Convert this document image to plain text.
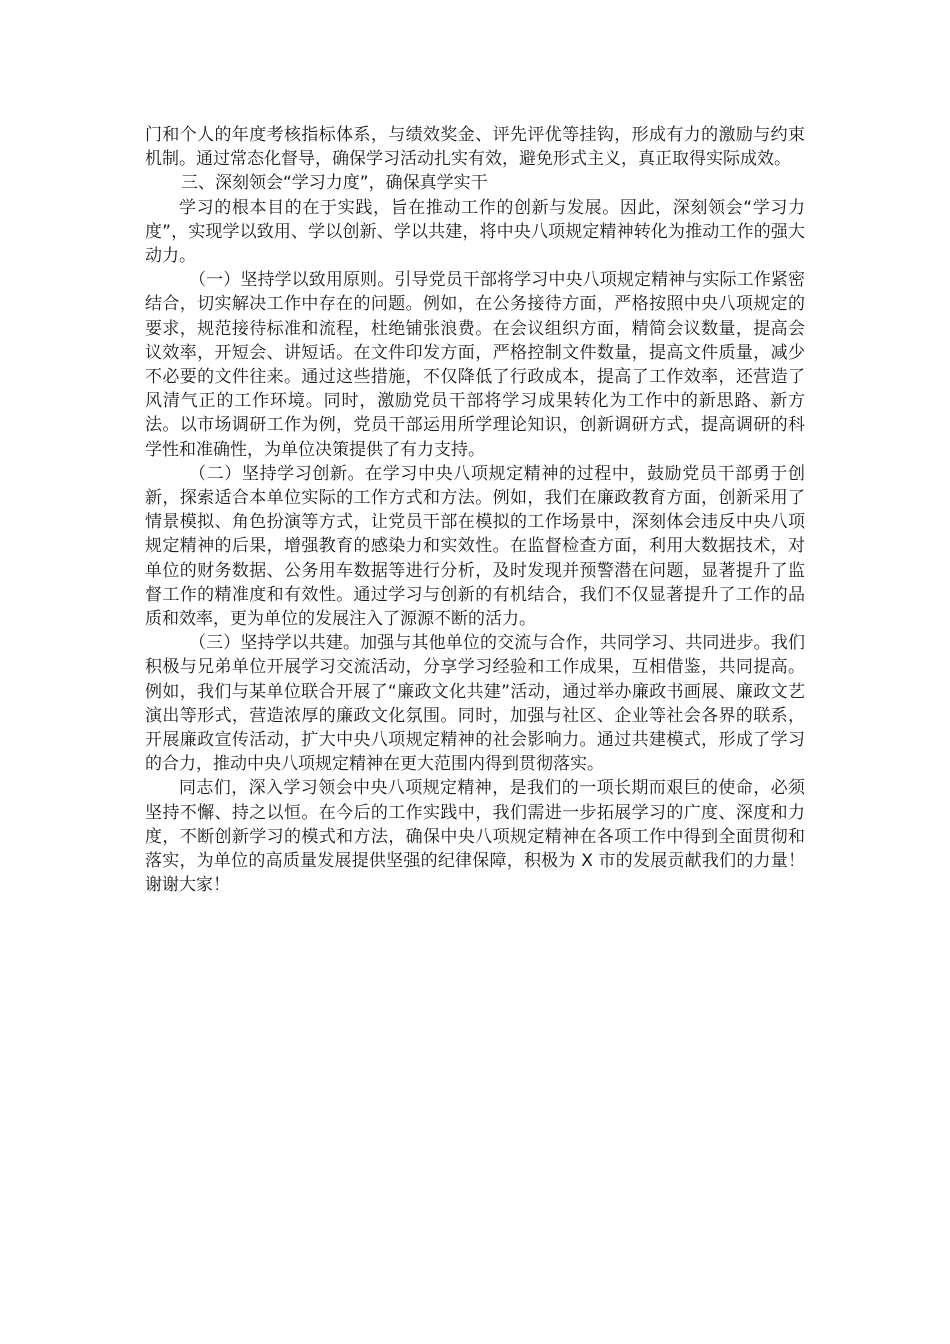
门和个人的年度考核指标体系，与绩效奖金、评先评优等挂钩，形成有力的激励与约束机制。通过常态化督导，确保学习活动扎实有效，避免形式主义，真正取得实际成效。

三、深刻领会“学习力度”，确保真学实干

学习的根本目的在于实践，旨在推动工作的创新与发展。因此，深刻领会“学习力度”，实现学以致用、学以创新、学以共建，将中央八项规定精神转化为推动工作的强大动力。

（一）坚持学以致用原则。引导党员干部将学习中央八项规定精神与实际工作紧密结合，切实解决工作中存在的问题。例如，在公务接待方面，严格按照中央八项规定的要求，规范接待标准和流程，杜绝铺张浪费。在会议组织方面，精简会议数量，提高会议效率，开短会、讲短话。在文件印发方面，严格控制文件数量，提高文件质量，减少不必要的文件往来。通过这些措施，不仅降低了行政成本，提高了工作效率，还营造了风清气正的工作环境。同时，激励党员干部将学习成果转化为工作中的新思路、新方法。以市场调研工作为例，党员干部运用所学理论知识，创新调研方式，提高调研的科学性和准确性，为单位决策提供了有力支持。

（二）坚持学习创新。在学习中央八项规定精神的过程中，鼓励党员干部勇于创新，探索适合本单位实际的工作方式和方法。例如，我们在廉政教育方面，创新采用了情景模拟、角色扮演等方式，让党员干部在模拟的工作场景中，深刻体会违反中央八项规定精神的后果，增强教育的感染力和实效性。在监督检查方面，利用大数据技术，对单位的财务数据、公务用车数据等进行分析，及时发现并预警潜在问题，显著提升了监督工作的精准度和有效性。通过学习与创新的有机结合，我们不仅显著提升了工作的品质和效率，更为单位的发展注入了源源不断的活力。

（三）坚持学以共建。加强与其他单位的交流与合作，共同学习、共同进步。我们积极与兄弟单位开展学习交流活动，分享学习经验和工作成果，互相借鉴，共同提高。例如，我们与某单位联合开展了“廉政文化共建”活动，通过举办廉政书画展、廉政文艺演出等形式，营造浓厚的廉政文化氛围。同时，加强与社区、企业等社会各界的联系，开展廉政宣传活动，扩大中央八项规定精神的社会影响力。通过共建模式，形成了学习的合力，推动中央八项规定精神在更大范围内得到贯彻落实。

同志们，深入学习领会中央八项规定精神，是我们的一项长期而艰巨的使命，必须坚持不懈、持之以恒。在今后的工作实践中，我们需进一步拓展学习的广度、深度和力度，不断创新学习的模式和方法，确保中央八项规定精神在各项工作中得到全面贯彻和落实，为单位的高质量发展提供坚强的纪律保障，积极为 X 市的发展贡献我们的力量！谢谢大家！
